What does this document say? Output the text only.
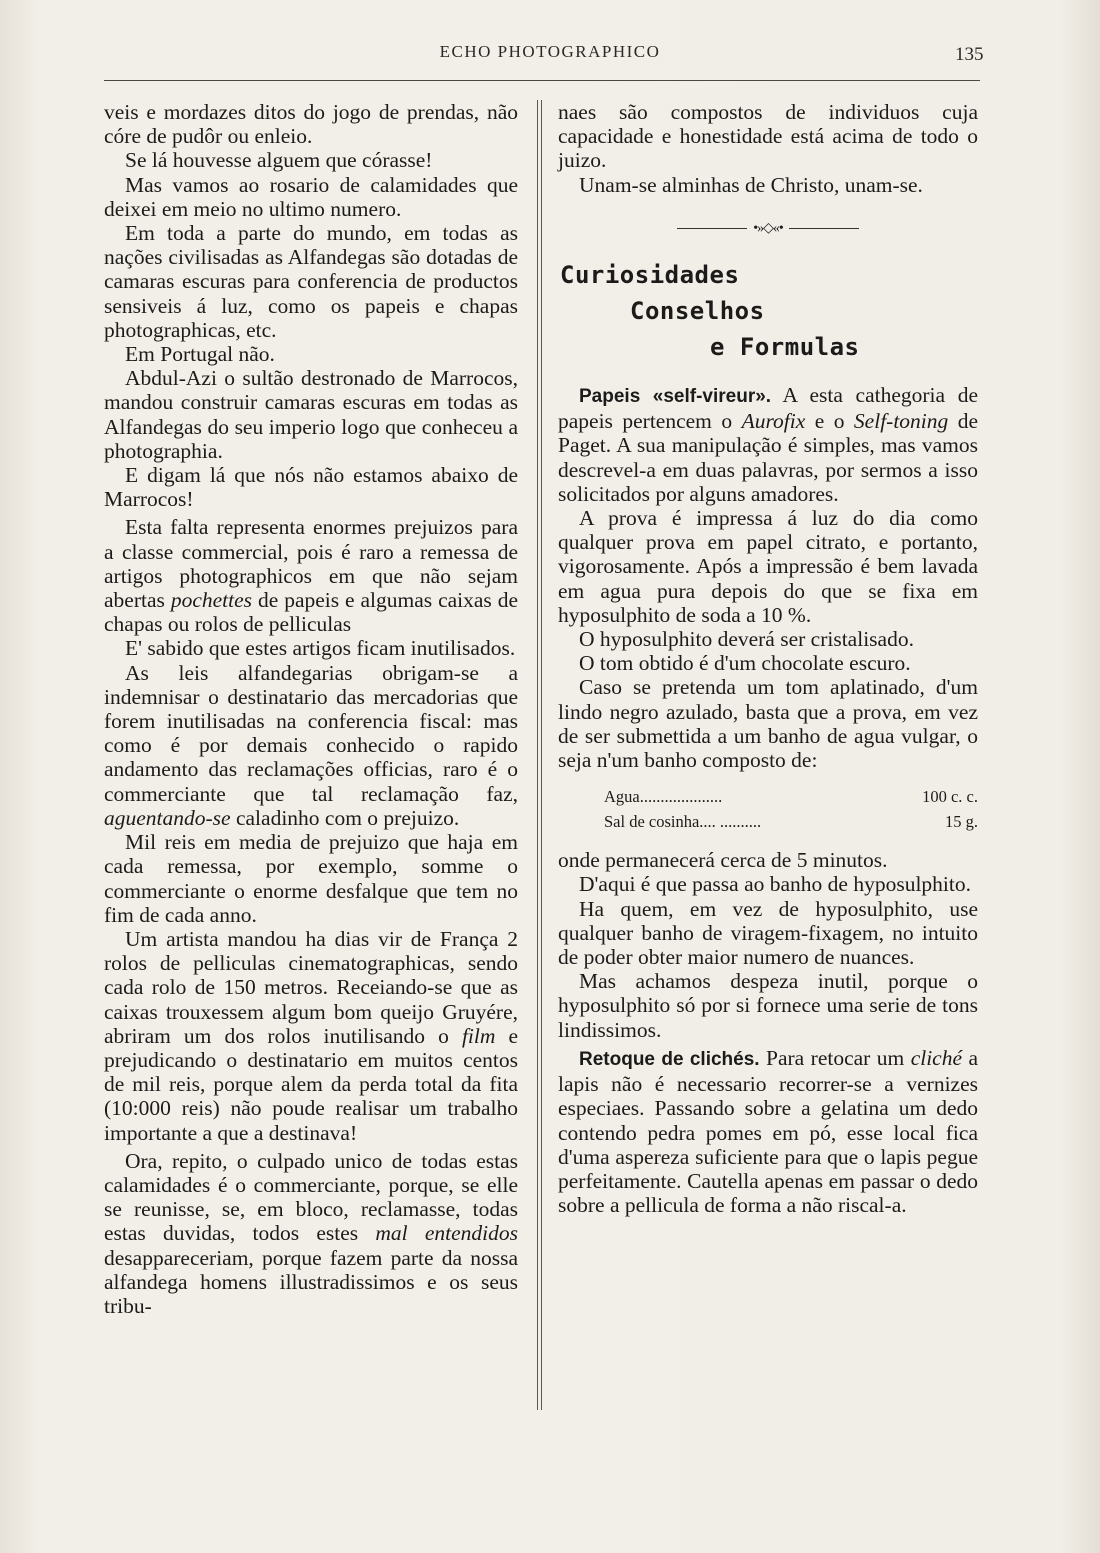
ECHO PHOTOGRAPHICO	135

veis e mordazes ditos do jogo de prendas, não córe de pudôr ou enleio.

Se lá houvesse alguem que córasse!

Mas vamos ao rosario de calamidades que deixei em meio no ultimo numero.

Em toda a parte do mundo, em todas as nações civilisadas as Alfandegas são dotadas de camaras escuras para conferencia de productos sensiveis á luz, como os papeis e chapas photographicas, etc.

Em Portugal não.

Abdul-Azi o sultão destronado de Marrocos, mandou construir camaras escuras em todas as Alfandegas do seu imperio logo que conheceu a photographia.

E digam lá que nós não estamos abaixo de Marrocos!

Esta falta representa enormes prejuizos para a classe commercial, pois é raro a remessa de artigos photographicos em que não sejam abertas pochettes de papeis e algumas caixas de chapas ou rolos de pelliculas

E' sabido que estes artigos ficam inutilisados.

As leis alfandegarias obrigam-se a indemnisar o destinatario das mercadorias que forem inutilisadas na conferencia fiscal: mas como é por demais conhecido o rapido andamento das reclamações officias, raro é o commerciante que tal reclamação faz, aguentando-se caladinho com o prejuizo.

Mil reis em media de prejuizo que haja em cada remessa, por exemplo, somme o commerciante o enorme desfalque que tem no fim de cada anno.

Um artista mandou ha dias vir de França 2 rolos de pelliculas cinematographicas, sendo cada rolo de 150 metros. Receiando-se que as caixas trouxessem algum bom queijo Gruyére, abriram um dos rolos inutilisando o film e prejudicando o destinatario em muitos centos de mil reis, porque alem da perda total da fita (10:000 reis) não poude realisar um trabalho importante a que a destinava!

Ora, repito, o culpado unico de todas estas calamidades é o commerciante, porque, se elle se reunisse, se, em bloco, reclamasse, todas estas duvidas, todos estes mal entendidos desappareceriam, porque fazem parte da nossa alfandega homens illustradissimos e os seus tribu-

naes são compostos de individuos cuja capacidade e honestidade está acima de todo o juizo.

Unam-se alminhas de Christo, unam-se.

•»◇«•
Curiosidades
Conselhos
e Formulas

Papeis «self-vireur». A esta cathegoria de papeis pertencem o Aurofix e o Self-toning de Paget. A sua manipulação é simples, mas vamos descrevel-a em duas palavras, por sermos a isso solicitados por alguns amadores.

A prova é impressa á luz do dia como qualquer prova em papel citrato, e portanto, vigorosamente. Após a impressão é bem lavada em agua pura depois do que se fixa em hyposulphito de soda a 10 %.

O hyposulphito deverá ser cristalisado.

O tom obtido é d'um chocolate escuro.

Caso se pretenda um tom aplatinado, d'um lindo negro azulado, basta que a prova, em vez de ser submettida a um banho de agua vulgar, o seja n'um banho composto de:

Agua....................	100 c. c.
Sal de cosinha.... ..........	15 g.

onde permanecerá cerca de 5 minutos.

D'aqui é que passa ao banho de hyposulphito.

Ha quem, em vez de hyposulphito, use qualquer banho de viragem-fixagem, no intuito de poder obter maior numero de nuances.

Mas achamos despeza inutil, porque o hyposulphito só por si fornece uma serie de tons lindissimos.

Retoque de clichés. Para retocar um cliché a lapis não é necessario recorrer-se a vernizes especiaes. Passando sobre a gelatina um dedo contendo pedra pomes em pó, esse local fica d'uma aspereza suficiente para que o lapis pegue perfeitamente. Cautella apenas em passar o dedo sobre a pellicula de forma a não riscal-a.
